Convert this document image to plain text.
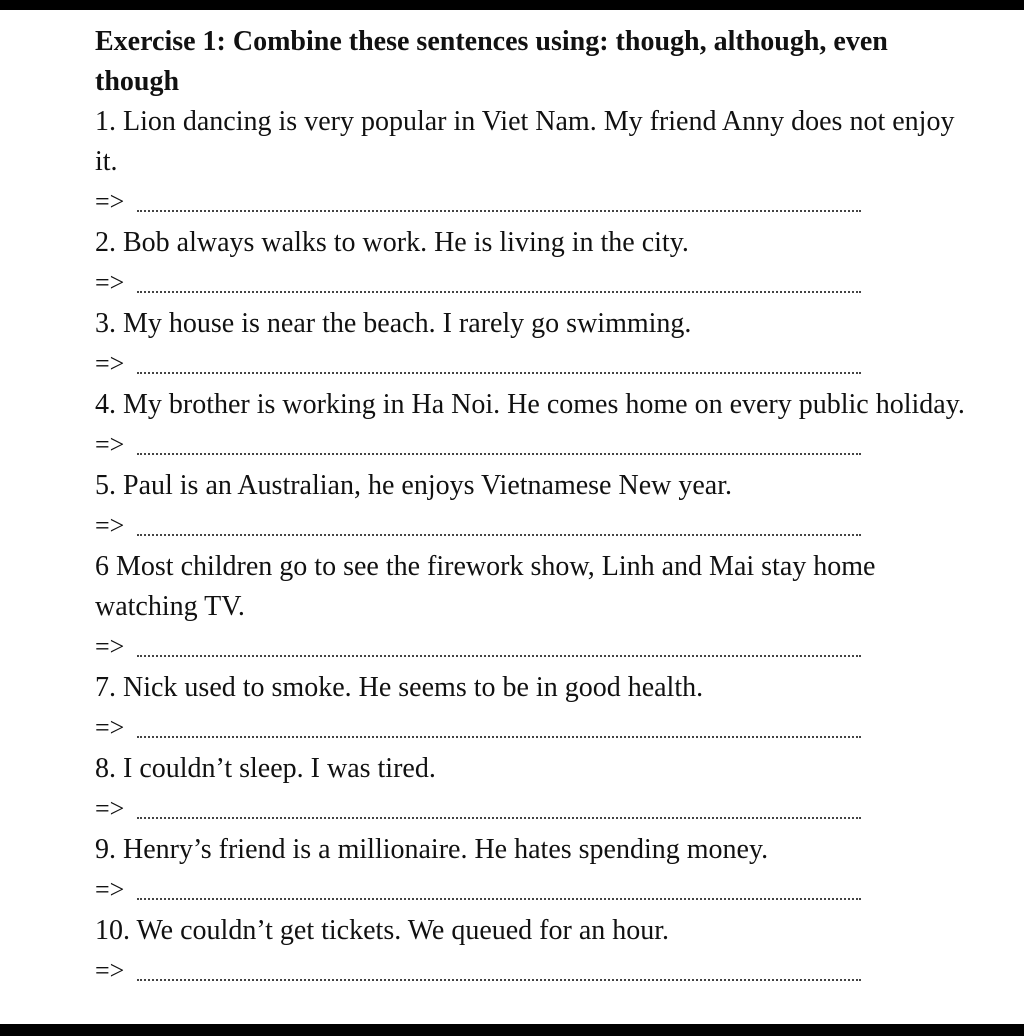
Exercise 1: Combine these sentences using: though, although, even though

1. Lion dancing is very popular in Viet Nam. My friend Anny does not enjoy it.

=>

2. Bob always walks to work. He is living in the city.

=>

3. My house is near the beach. I rarely go swimming.

=>

4. My brother is working in Ha Noi. He comes home on every public holiday.

=>

5. Paul is an Australian, he enjoys Vietnamese New year.

=>

6 Most children go to see the firework show, Linh and Mai stay home watching TV.

=>

7. Nick used to smoke. He seems to be in good health.

=>

8. I couldn’t sleep. I was tired.

=>

9. Henry’s friend is a millionaire. He hates spending money.

=>

10. We couldn’t get tickets. We queued for an hour.

=>
